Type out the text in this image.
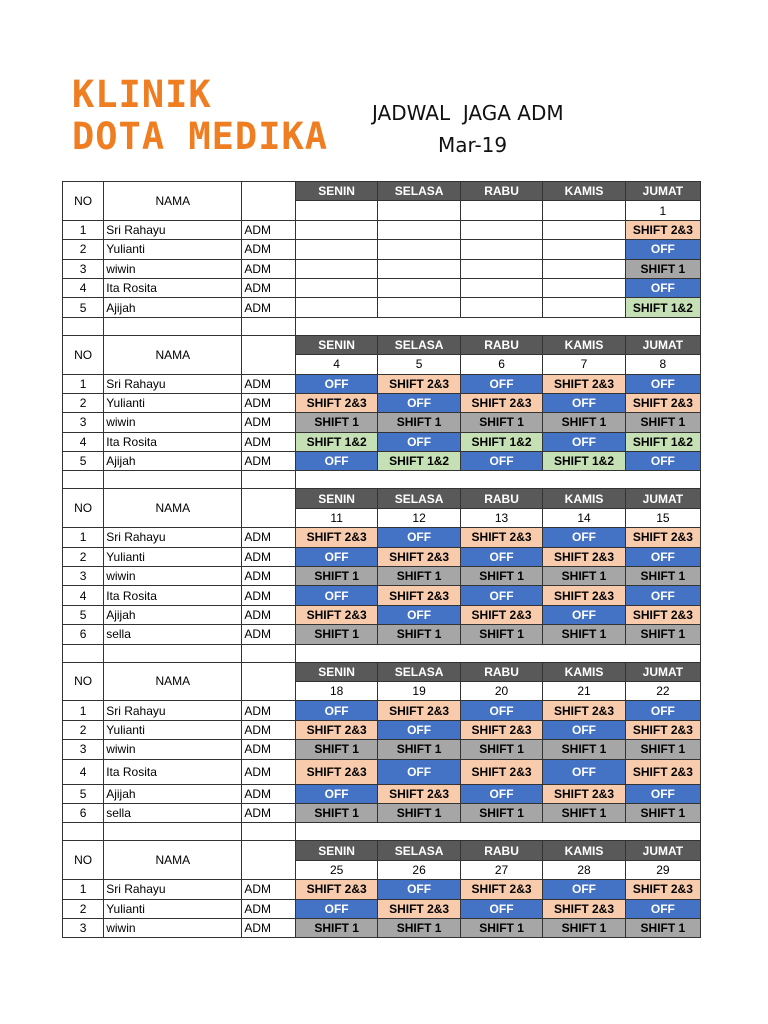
KLINIK
DOTA MEDIKA
JADWAL  JAGA ADM
Mar-19
NO	NAMA		SENIN	SELASA	RABU	KAMIS	JUMAT
							1
1	Sri Rahayu	ADM					SHIFT 2&3
2	Yulianti	ADM					OFF
3	wiwin	ADM					SHIFT 1
4	Ita Rosita	ADM					OFF
5	Ajijah	ADM					SHIFT 1&2

NO	NAMA		SENIN	SELASA	RABU	KAMIS	JUMAT
			4	5	6	7	8
1	Sri Rahayu	ADM	OFF	SHIFT 2&3	OFF	SHIFT 2&3	OFF
2	Yulianti	ADM	SHIFT 2&3	OFF	SHIFT 2&3	OFF	SHIFT 2&3
3	wiwin	ADM	SHIFT 1	SHIFT 1	SHIFT 1	SHIFT 1	SHIFT 1
4	Ita Rosita	ADM	SHIFT 1&2	OFF	SHIFT 1&2	OFF	SHIFT 1&2
5	Ajijah	ADM	OFF	SHIFT 1&2	OFF	SHIFT 1&2	OFF

NO	NAMA		SENIN	SELASA	RABU	KAMIS	JUMAT
			11	12	13	14	15
1	Sri Rahayu	ADM	SHIFT 2&3	OFF	SHIFT 2&3	OFF	SHIFT 2&3
2	Yulianti	ADM	OFF	SHIFT 2&3	OFF	SHIFT 2&3	OFF
3	wiwin	ADM	SHIFT 1	SHIFT 1	SHIFT 1	SHIFT 1	SHIFT 1
4	Ita Rosita	ADM	OFF	SHIFT 2&3	OFF	SHIFT 2&3	OFF
5	Ajijah	ADM	SHIFT 2&3	OFF	SHIFT 2&3	OFF	SHIFT 2&3
6	sella	ADM	SHIFT 1	SHIFT 1	SHIFT 1	SHIFT 1	SHIFT 1

NO	NAMA		SENIN	SELASA	RABU	KAMIS	JUMAT
			18	19	20	21	22
1	Sri Rahayu	ADM	OFF	SHIFT 2&3	OFF	SHIFT 2&3	OFF
2	Yulianti	ADM	SHIFT 2&3	OFF	SHIFT 2&3	OFF	SHIFT 2&3
3	wiwin	ADM	SHIFT 1	SHIFT 1	SHIFT 1	SHIFT 1	SHIFT 1
4	Ita Rosita	ADM	SHIFT 2&3	OFF	SHIFT 2&3	OFF	SHIFT 2&3
5	Ajijah	ADM	OFF	SHIFT 2&3	OFF	SHIFT 2&3	OFF
6	sella	ADM	SHIFT 1	SHIFT 1	SHIFT 1	SHIFT 1	SHIFT 1

NO	NAMA		SENIN	SELASA	RABU	KAMIS	JUMAT
			25	26	27	28	29
1	Sri Rahayu	ADM	SHIFT 2&3	OFF	SHIFT 2&3	OFF	SHIFT 2&3
2	Yulianti	ADM	OFF	SHIFT 2&3	OFF	SHIFT 2&3	OFF
3	wiwin	ADM	SHIFT 1	SHIFT 1	SHIFT 1	SHIFT 1	SHIFT 1
